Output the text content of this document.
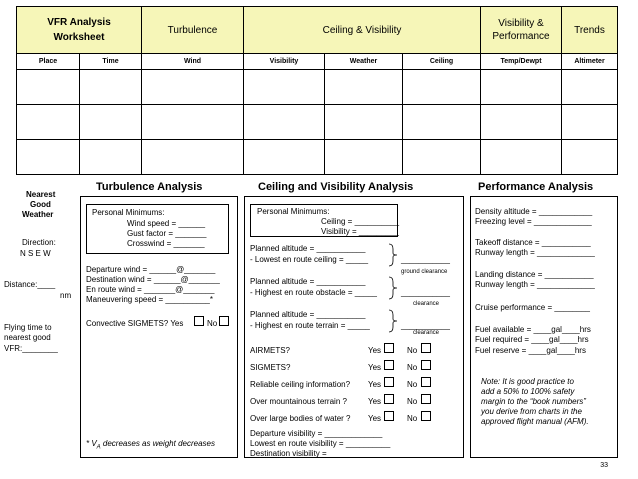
VFR Analysis
Worksheet
Turbulence	Ceiling & Visibility
Visibility &
Performance
Trends
Place	Time	Wind	Visibility	Weather	Ceiling	Temp/Dewpt	Altimeter
Nearest
Good
Weather
Direction:
N S E W
Distance:____
nm
Flying time to
nearest good
VFR:________
Turbulence Analysis
Personal Minimums:
Wind speed = ______
Gust factor = _______
Crosswind = _______
Departure wind = ______@_______
Destination wind = ______@_______
En route wind = _______@_______
Maneuvering speed = __________*
Convective SIGMETS? Yes	No
* $V_A$ decreases as weight decreases
Ceiling and Visibility Analysis
Personal Minimums:
Ceiling = __________
Visibility = _________
Planned altitude = ___________
- Lowest en route ceiling = _____	___________
ground clearance
Planned altitude = ___________
- Highest en route obstacle = _____	___________
clearance
Planned altitude = ___________
- Highest en route terrain = _____	___________
clearance
AIRMETS?	Yes	No
SIGMETS?	Yes	No
Reliable ceiling information? Yes	No
Over mountainous terrain ?	Yes	No
Over large bodies of water ? Yes	No
Departure visibility = _____________
Lowest en route visibility = __________
Destination visibility = ____________
Performance Analysis
Density altitude = ____________
Freezing level = _____________
Takeoff distance = ___________
Runway length = _____________
Landing distance = ___________
Runway length = _____________
Cruise performance = ________
Fuel available = ____gal____hrs
Fuel required = ____gal____hrs
Fuel reserve = ____gal____hrs
Note: It is good practice to
add a 50% to 100% safety
margin to the “book numbers”
you derive from charts in the
approved flight manual (AFM).
33
